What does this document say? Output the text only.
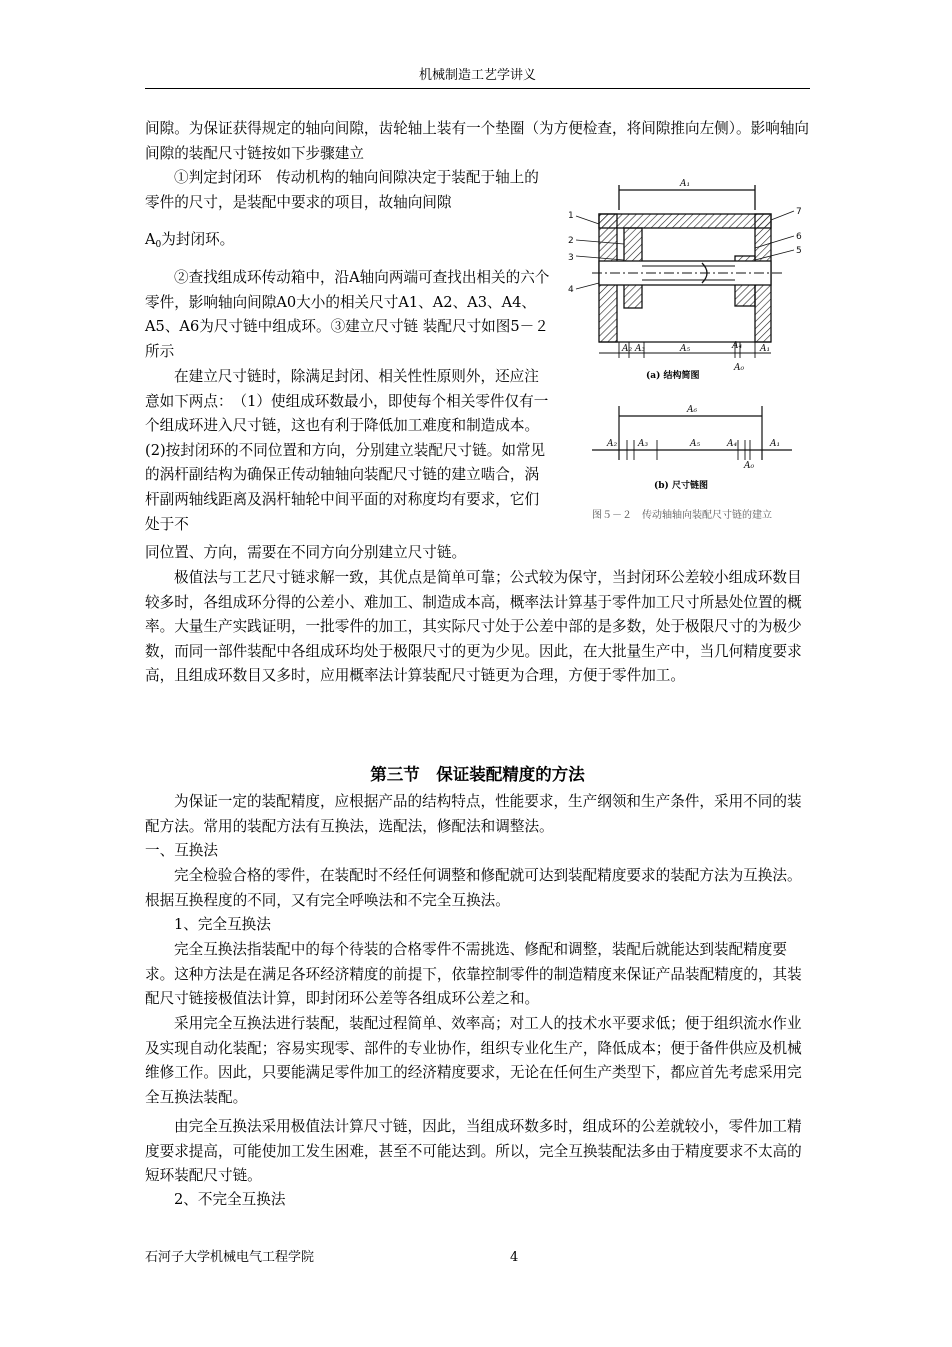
机械制造工艺学讲义

间隙。为保证获得规定的轴向间隙，齿轮轴上装有一个垫圈（为方便检查，将间隙推向左侧）。影响轴向间隙的装配尺寸链按如下步骤建立

①判定封闭环　传动机构的轴向间隙决定于装配于轴上的零件的尺寸，是装配中要求的项目，故轴向间隙

$A_0$为封闭环。

②查找组成环传动箱中，沿A轴向两端可查找出相关的六个零件，影响轴向间隙A0大小的相关尺寸A1、A2、A3、A4、A5、A6为尺寸链中组成环。③建立尺寸链 装配尺寸如图5－２所示

在建立尺寸链时，除满足封闭、相关性性原则外，还应注意如下两点：　（1）使组成环数最小，即使每个相关零件仅有一个组成环进入尺寸链，这也有利于降低加工难度和制造成本。(2)按封闭环的不同位置和方向，分别建立装配尺寸链。如常见的涡杆副结构为确保正传动轴轴向装配尺寸链的建立啮合，涡杆副两轴线距离及涡杆轴轮中间平面的对称度均有要求，它们处于不

同位置、方向，需要在不同方向分别建立尺寸链。

极值法与工艺尺寸链求解一致，其优点是简单可靠；公式较为保守，当封闭环公差较小组成环数目较多时，各组成环分得的公差小、难加工、制造成本高，概率法计算基于零件加工尺寸所悬处位置的概率。大量生产实践证明，一批零件的加工，其实际尺寸处于公差中部的是多数，处于极限尺寸的为极少数，而同一部件装配中各组成环均处于极限尺寸的更为少见。因此，在大批量生产中，当几何精度要求高，且组成环数目又多时，应用概率法计算装配尺寸链更为合理，方便于零件加工。

A₁
A₂ A₃	A₅	A₄ A₁
A₀
A₆
A₂ A₃	A₅	A₄	A₁
A₀
1
2
3
4
7
6
5
(a) 结构简图
(b) 尺寸链图
图５－２　传动轴轴向装配尺寸链的建立
第三节　保证装配精度的方法

为保证一定的装配精度，应根据产品的结构特点，性能要求，生产纲领和生产条件，采用不同的装配方法。常用的装配方法有互换法，选配法，修配法和调整法。

一、互换法

完全检验合格的零件，在装配时不经任何调整和修配就可达到装配精度要求的装配方法为互换法。根据互换程度的不同，又有完全呼唤法和不完全互换法。

1、完全互换法

完全互换法指装配中的每个待装的合格零件不需挑选、修配和调整，装配后就能达到装配精度要求。这种方法是在满足各环经济精度的前提下，依靠控制零件的制造精度来保证产品装配精度的，其装配尺寸链接极值法计算，即封闭环公差等各组成环公差之和。

采用完全互换法进行装配，装配过程简单、效率高；对工人的技术水平要求低；便于组织流水作业及实现自动化装配；容易实现零、部件的专业协作，组织专业化生产，降低成本；便于备件供应及机械维修工作。因此，只要能满足零件加工的经济精度要求，无论在任何生产类型下，都应首先考虑采用完全互换法装配。

由完全互换法采用极值法计算尺寸链，因此，当组成环数多时，组成环的公差就较小，零件加工精度要求提高，可能使加工发生困难，甚至不可能达到。所以，完全互换装配法多由于精度要求不太高的短环装配尺寸链。

2、不完全互换法

石河子大学机械电气工程学院	4
